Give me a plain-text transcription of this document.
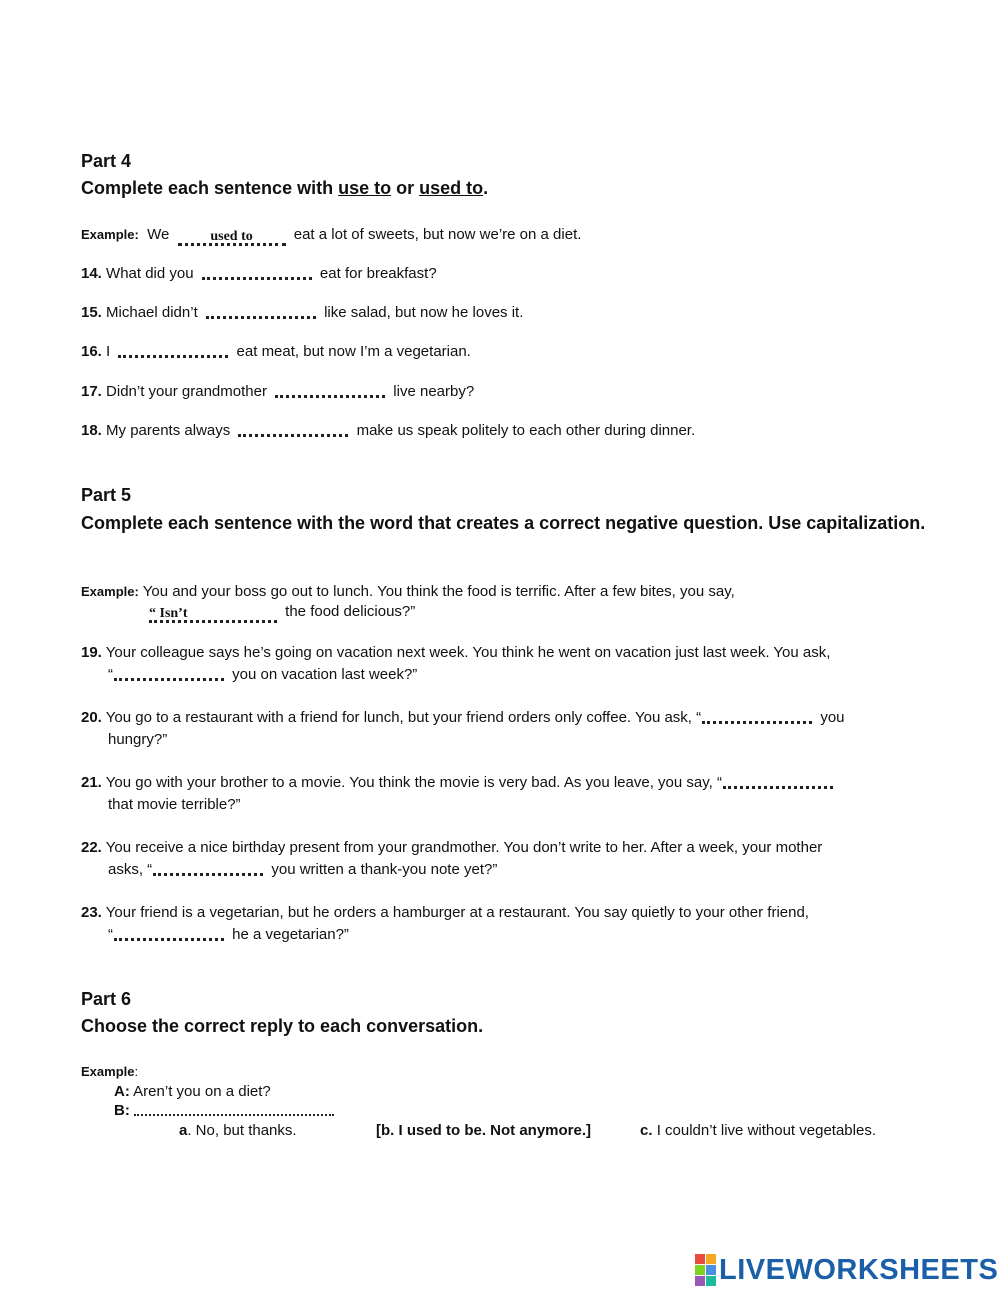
Part 4
Complete each sentence with use to or used to.
Example: We	used to	eat a lot of sweets, but now we’re on a diet.
14. What did you	eat for breakfast?
15. Michael didn’t	like salad, but now he loves it.
16. I	eat meat, but now I’m a vegetarian.
17. Didn’t your grandmother	live nearby?
18. My parents always	make us speak politely to each other during dinner.
Part 5
Complete each sentence with the word that creates a correct negative question. Use capitalization.
Example: You and your boss go out to lunch. You think the food is terrific. After a few bites, you say,
“ Isn’t	the food delicious?”
19. Your colleague says he’s going on vacation next week. You think he went on vacation just last week. You ask,
“	you on vacation last week?”
20. You go to a restaurant with a friend for lunch, but your friend orders only coffee. You ask, “	you
hungry?”
21. You go with your brother to a movie. You think the movie is very bad. As you leave, you say, “
that movie terrible?”
22. You receive a nice birthday present from your grandmother. You don’t write to her. After a week, your mother
asks, “	you written a thank-you note yet?”
23. Your friend is a vegetarian, but he orders a hamburger at a restaurant. You say quietly to your other friend,
“	he a vegetarian?”
Part 6
Choose the correct reply to each conversation.
Example:
A: Aren’t you on a diet?
B:
a. No, but thanks.	[b. I used to be. Not anymore.]	c. I couldn’t live without vegetables.
LIVEWORKSHEETS
